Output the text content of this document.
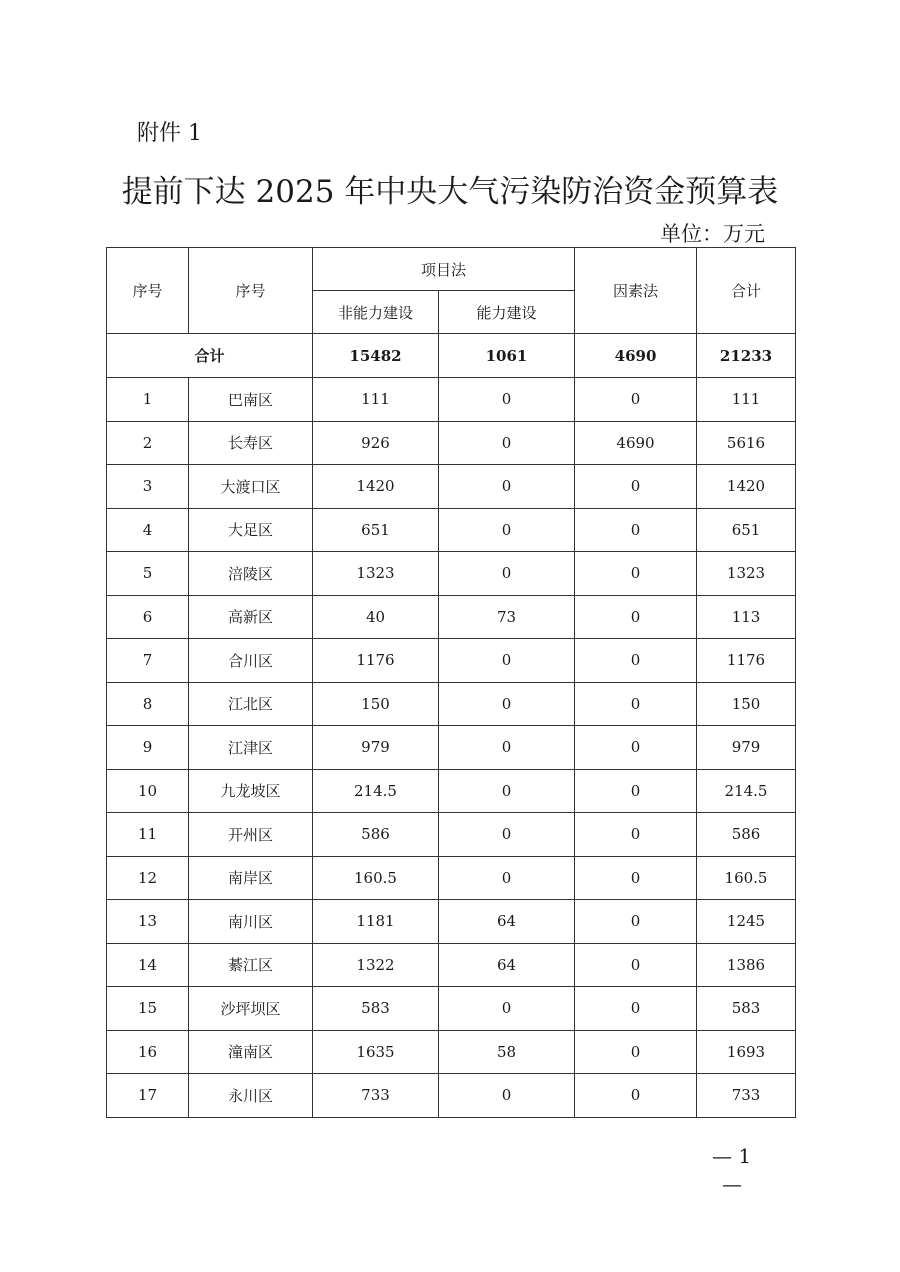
附件 1
提前下达 2025 年中央大气污染防治资金预算表
单位：万元
序号	序号	项目法		因素法	合计
		非能力建设	能力建设		
合计		15482	1061	4690	21233
1	巴南区	111	0	0	111
2	长寿区	926	0	4690	5616
3	大渡口区	1420	0	0	1420
4	大足区	651	0	0	651
5	涪陵区	1323	0	0	1323
6	高新区	40	73	0	113
7	合川区	1176	0	0	1176
8	江北区	150	0	0	150
9	江津区	979	0	0	979
10	九龙坡区	214.5	0	0	214.5
11	开州区	586	0	0	586
12	南岸区	160.5	0	0	160.5
13	南川区	1181	64	0	1245
14	綦江区	1322	64	0	1386
15	沙坪坝区	583	0	0	583
16	潼南区	1635	58	0	1693
17	永川区	733	0	0	733
— 1
—
